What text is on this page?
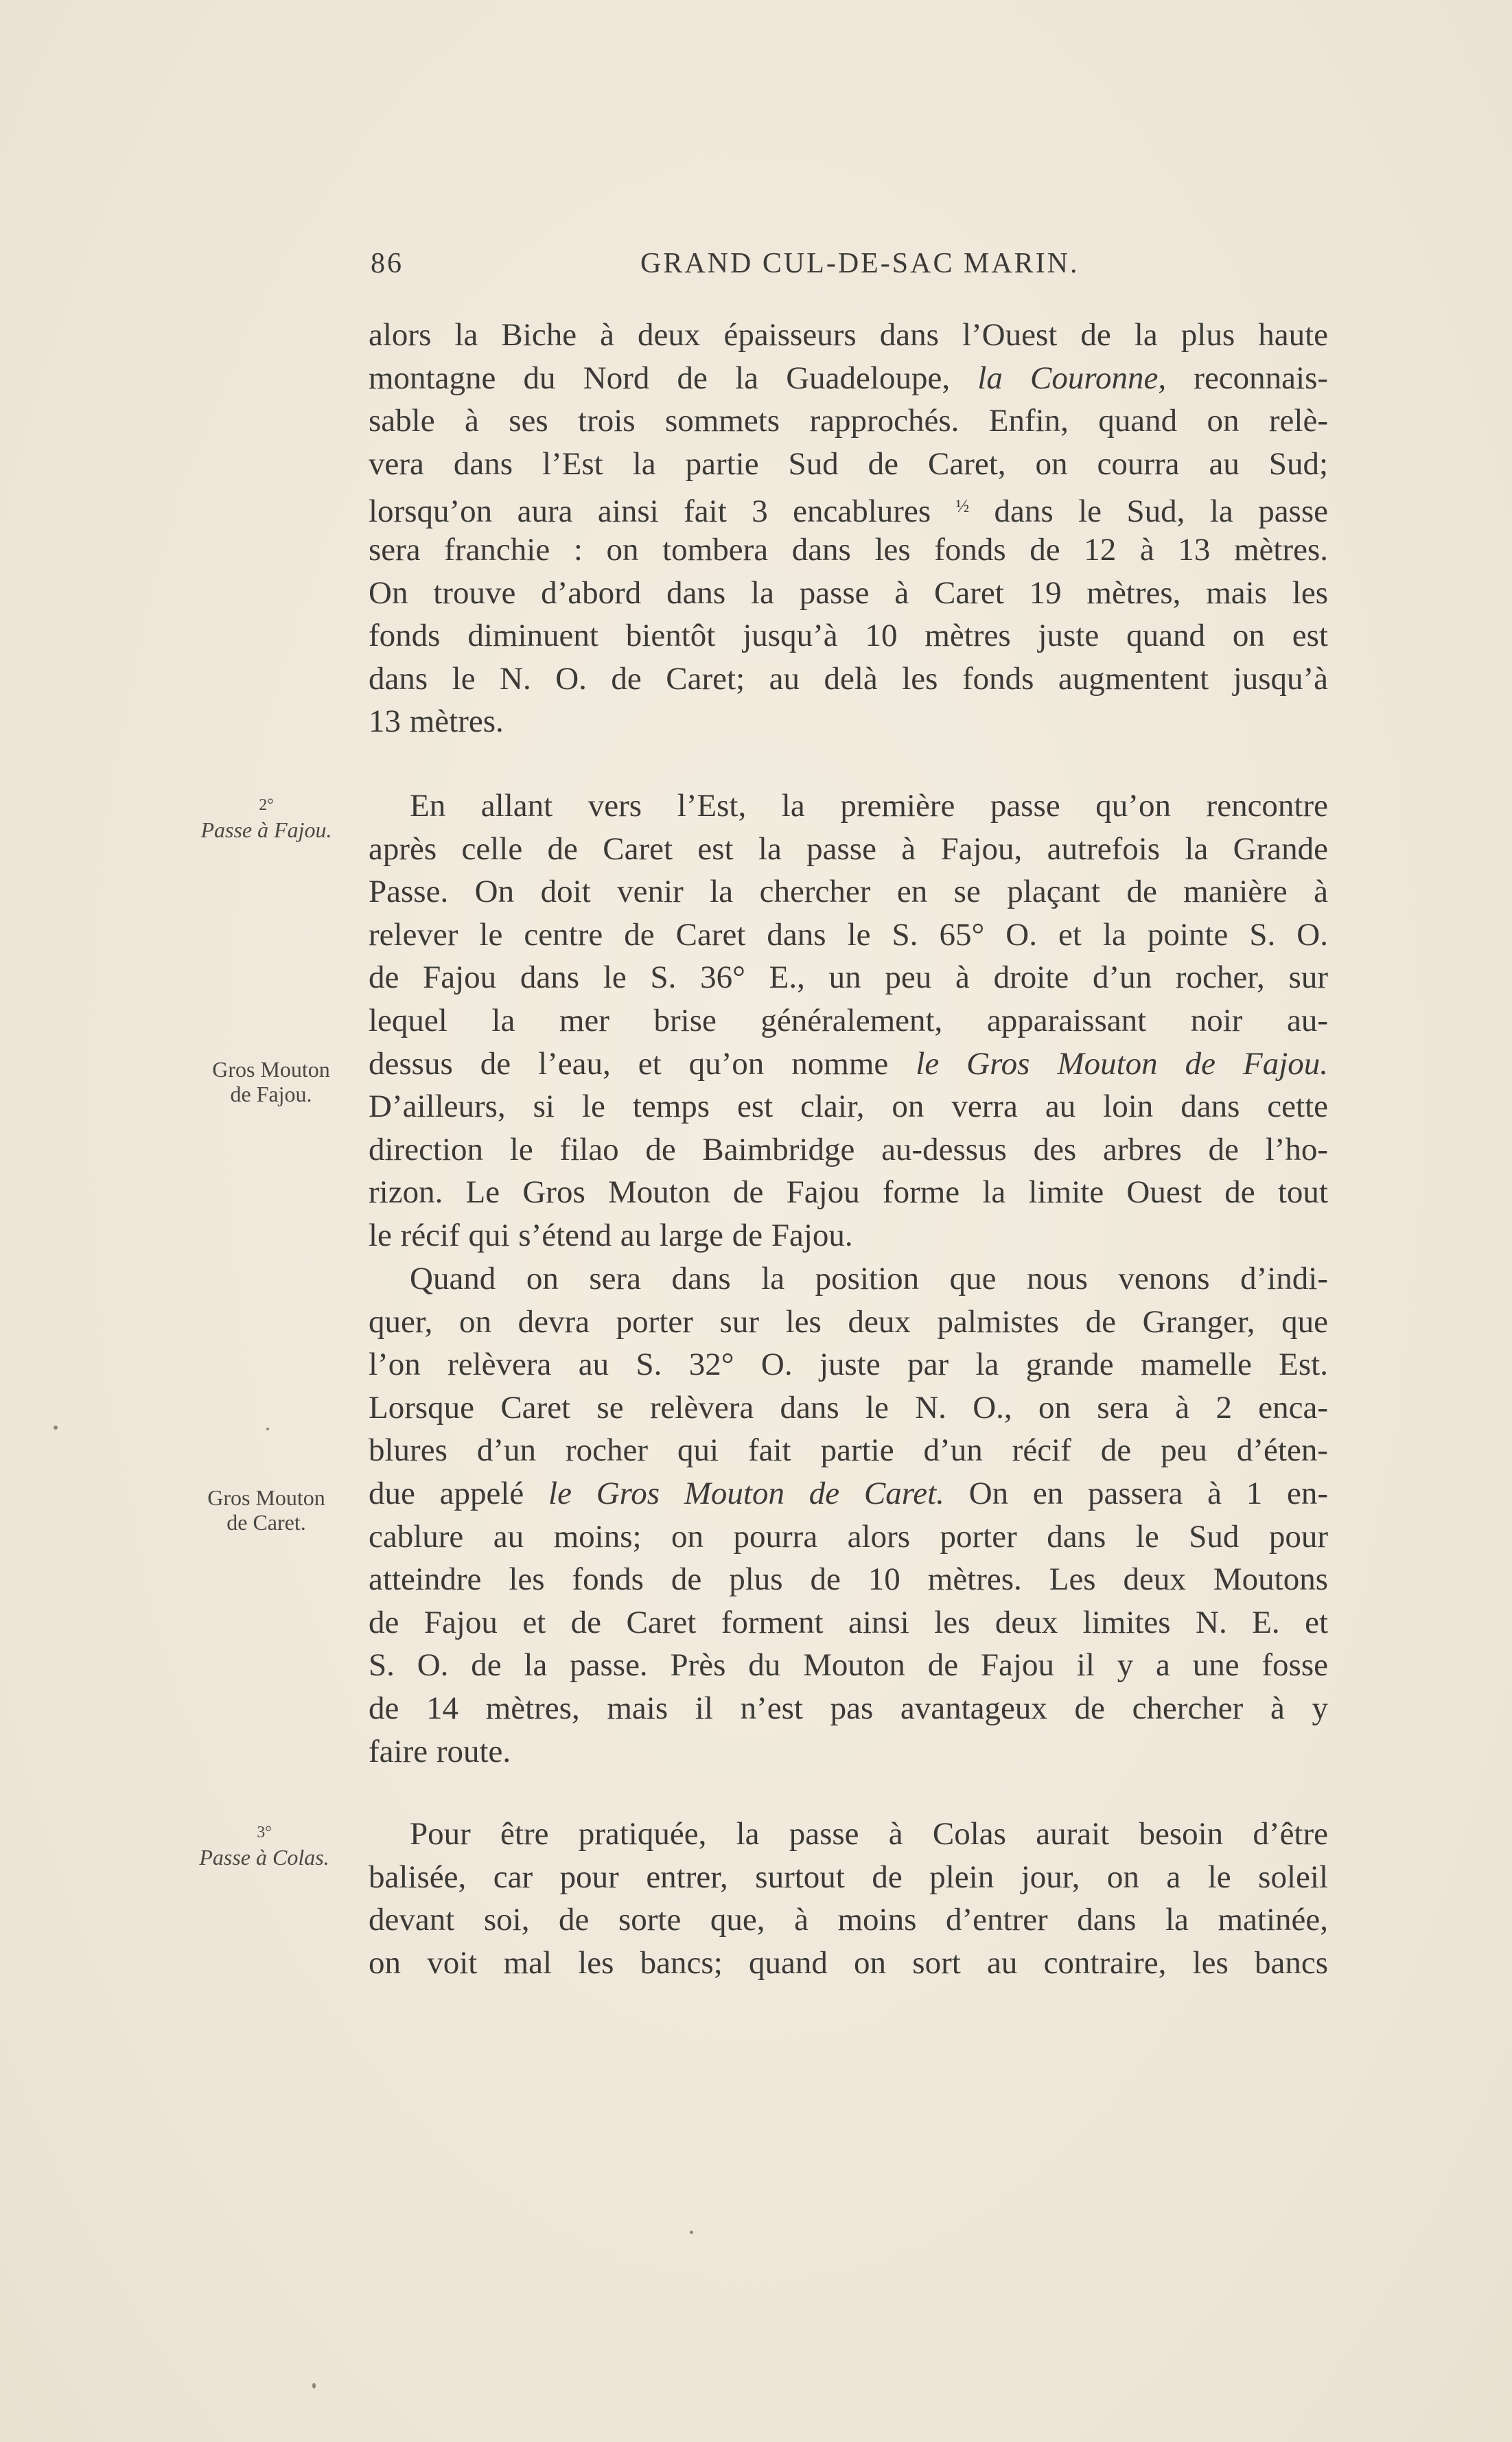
86	GRAND CUL-DE-SAC MARIN.
alors la Biche à deux épaisseurs dans l’Ouest de la plus haute
montagne du Nord de la Guadeloupe, la Couronne, reconnais-
sable à ses trois sommets rapprochés. Enfin, quand on relè-
vera dans l’Est la partie Sud de Caret, on courra au Sud;
lorsqu’on aura ainsi fait 3 encablures $^{\frac{1}{2}}$ dans le Sud, la passe
sera franchie : on tombera dans les fonds de 12 à 13 mètres.
On trouve d’abord dans la passe à Caret 19 mètres, mais les
fonds diminuent bientôt jusqu’à 10 mètres juste quand on est
dans le N. O. de Caret; au delà les fonds augmentent jusqu’à
13 mètres.
En allant vers l’Est, la première passe qu’on rencontre
après celle de Caret est la passe à Fajou, autrefois la Grande
Passe. On doit venir la chercher en se plaçant de manière à
relever le centre de Caret dans le S. 65° O. et la pointe S. O.
de Fajou dans le S. 36° E., un peu à droite d’un rocher, sur
lequel la mer brise généralement, apparaissant noir au-
dessus de l’eau, et qu’on nomme le Gros Mouton de Fajou.
D’ailleurs, si le temps est clair, on verra au loin dans cette
direction le filao de Baimbridge au-dessus des arbres de l’ho-
rizon. Le Gros Mouton de Fajou forme la limite Ouest de tout
le récif qui s’étend au large de Fajou.
Quand on sera dans la position que nous venons d’indi-
quer, on devra porter sur les deux palmistes de Granger, que
l’on relèvera au S. 32° O. juste par la grande mamelle Est.
Lorsque Caret se relèvera dans le N. O., on sera à 2 enca-
blures d’un rocher qui fait partie d’un récif de peu d’éten-
due appelé le Gros Mouton de Caret. On en passera à 1 en-
cablure au moins; on pourra alors porter dans le Sud pour
atteindre les fonds de plus de 10 mètres. Les deux Moutons
de Fajou et de Caret forment ainsi les deux limites N. E. et
S. O. de la passe. Près du Mouton de Fajou il y a une fosse
de 14 mètres, mais il n’est pas avantageux de chercher à y
faire route.
Pour être pratiquée, la passe à Colas aurait besoin d’être
balisée, car pour entrer, surtout de plein jour, on a le soleil
devant soi, de sorte que, à moins d’entrer dans la matinée,
on voit mal les bancs; quand on sort au contraire, les bancs
2°
Passe à Fajou.
Gros Mouton
de Fajou.
Gros Mouton
de Caret.
3°
Passe à Colas.
